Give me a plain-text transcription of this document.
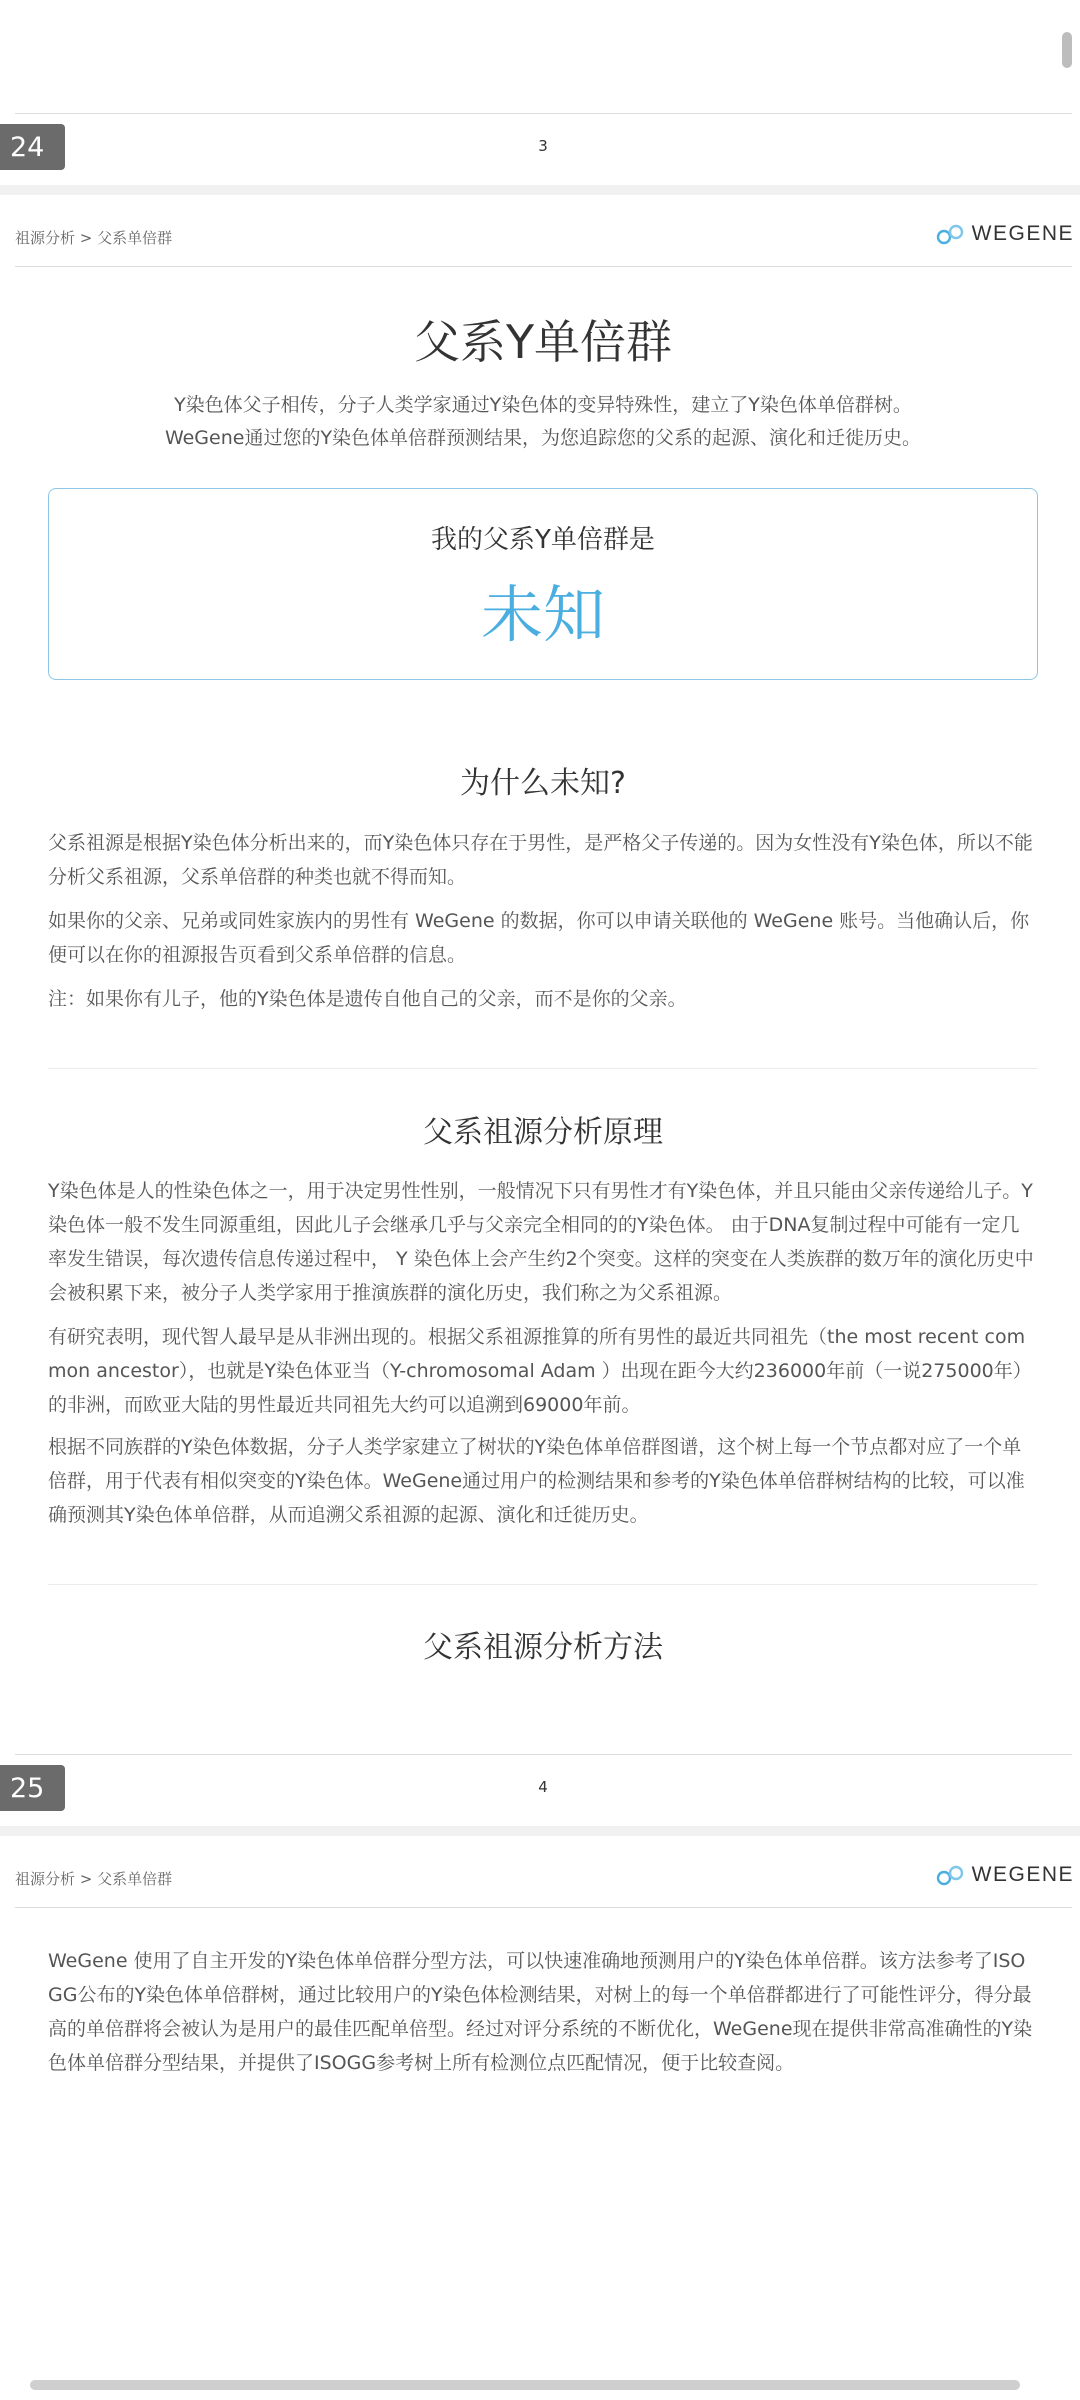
24	3
祖源分析 > 父系单倍群	WEGENE
父系Y单倍群
Y染色体父子相传，分子人类学家通过Y染色体的变异特殊性，建立了Y染色体单倍群树。
WeGene通过您的Y染色体单倍群预测结果，为您追踪您的父系的起源、演化和迁徙历史。
我的父系Y单倍群是
未知
为什么未知?
父系祖源是根据Y染色体分析出来的，而Y染色体只存在于男性，是严格父子传递的。因为女性没有Y染色体，所以不能分析父系祖源，父系单倍群的种类也就不得而知。
如果你的父亲、兄弟或同姓家族内的男性有 WeGene 的数据，你可以申请关联他的 WeGene 账号。当他确认后，你便可以在你的祖源报告页看到父系单倍群的信息。
注：如果你有儿子，他的Y染色体是遗传自他自己的父亲，而不是你的父亲。
父系祖源分析原理
Y染色体是人的性染色体之一，用于决定男性性别，一般情况下只有男性才有Y染色体，并且只能由父亲传递给儿子。Y染色体一般不发生同源重组，因此儿子会继承几乎与父亲完全相同的的Y染色体。 由于DNA复制过程中可能有一定几率发生错误，每次遗传信息传递过程中， Y 染色体上会产生约2个突变。这样的突变在人类族群的数万年的演化历史中会被积累下来，被分子人类学家用于推演族群的演化历史，我们称之为父系祖源。
有研究表明，现代智人最早是从非洲出现的。根据父系祖源推算的所有男性的最近共同祖先（the most recent common ancestor），也就是Y染色体亚当（Y-chromosomal Adam ）出现在距今大约236000年前（一说275000年）的非洲，而欧亚大陆的男性最近共同祖先大约可以追溯到69000年前。
根据不同族群的Y染色体数据，分子人类学家建立了树状的Y染色体单倍群图谱，这个树上每一个节点都对应了一个单倍群，用于代表有相似突变的Y染色体。WeGene通过用户的检测结果和参考的Y染色体单倍群树结构的比较，可以准确预测其Y染色体单倍群，从而追溯父系祖源的起源、演化和迁徙历史。
父系祖源分析方法
25	4
祖源分析 > 父系单倍群	WEGENE
WeGene 使用了自主开发的Y染色体单倍群分型方法，可以快速准确地预测用户的Y染色体单倍群。该方法参考了ISOGG公布的Y染色体单倍群树，通过比较用户的Y染色体检测结果，对树上的每一个单倍群都进行了可能性评分，得分最高的单倍群将会被认为是用户的最佳匹配单倍型。经过对评分系统的不断优化，WeGene现在提供非常高准确性的Y染色体单倍群分型结果，并提供了ISOGG参考树上所有检测位点匹配情况，便于比较查阅。
